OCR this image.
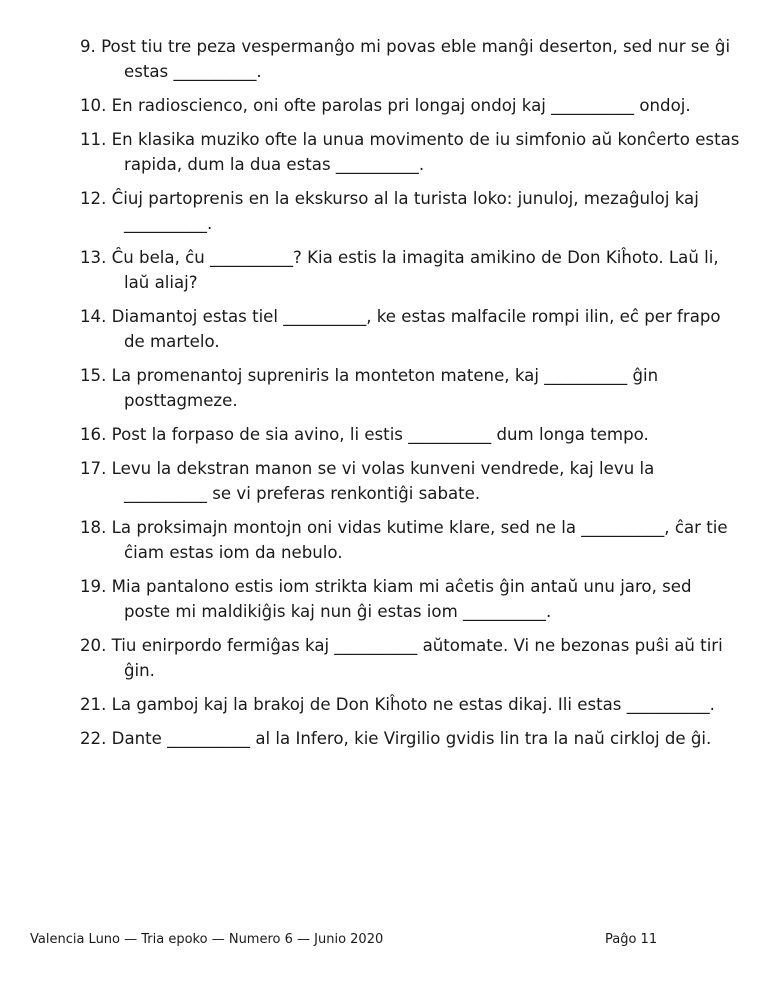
9. Post tiu tre peza vespermanĝo mi povas eble manĝi deserton, sed nur se ĝi estas __________.
10. En radioscienco, oni ofte parolas pri longaj ondoj kaj __________ ondoj.
11. En klasika muziko ofte la unua movimento de iu simfonio aŭ konĉerto estas rapida, dum la dua estas __________.
12. Ĉiuj partoprenis en la ekskurso al la turista loko: junuloj, mezaĝuloj kaj __________.
13. Ĉu bela, ĉu __________? Kia estis la imagita amikino de Don Kiĥoto. Laŭ li, laŭ aliaj?
14. Diamantoj estas tiel __________, ke estas malfacile rompi ilin, eĉ per frapo de martelo.
15. La promenantoj supreniris la monteton matene, kaj __________ ĝin posttagmeze.
16. Post la forpaso de sia avino, li estis __________ dum longa tempo.
17. Levu la dekstran manon se vi volas kunveni vendrede, kaj levu la __________ se vi preferas renkontiĝi sabate.
18. La proksimajn montojn oni vidas kutime klare, sed ne la __________, ĉar tie ĉiam estas iom da nebulo.
19. Mia pantalono estis iom strikta kiam mi aĉetis ĝin antaŭ unu jaro, sed poste mi maldikiĝis kaj nun ĝi estas iom __________.
20. Tiu enirpordo fermiĝas kaj __________ aŭtomate. Vi ne bezonas puŝi aŭ tiri ĝin.
21. La gamboj kaj la brakoj de Don Kiĥoto ne estas dikaj. Ili estas __________.
22. Dante __________ al la Infero, kie Virgilio gvidis lin tra la naŭ cirkloj de ĝi.
Valencia Luno — Tria epoko — Numero 6 — Junio 2020	Paĝo 11
